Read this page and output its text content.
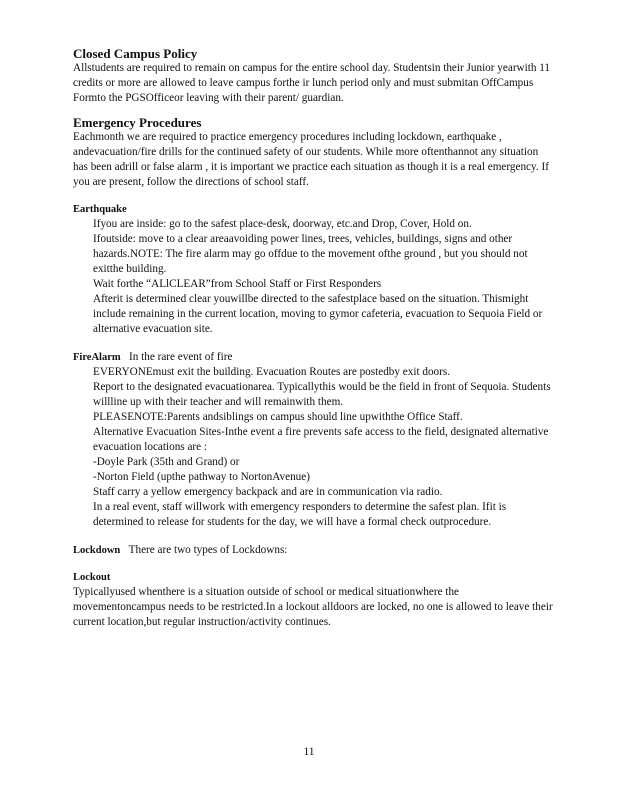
Closed Campus Policy

Allstudents are required to remain on campus for the entire school day. Studentsin their Junior yearwith 11 credits or more are allowed to leave campus forthe ir lunch period only and must submitan OffCampus Formto the PGSOfficeor leaving with their parent/ guardian.

Emergency Procedures

Eachmonth we are required to practice emergency procedures including lockdown, earthquake , andevacuation/fire drills for the continued safety of our students. While more oftenthannot any situation has been adrill or false alarm , it is important we practice each situation as though it is a real emergency. If you are present, follow the directions of school staff.

Earthquake

Ifyou are inside: go to the safest place-desk, doorway, etc.and Drop, Cover, Hold on.
Ifoutside: move to a clear areaavoiding power lines, trees, vehicles, buildings, signs and other hazards.NOTE: The fire alarm may go offdue to the movement ofthe ground , but you should not exitthe building.
Wait forthe “ALlCLEAR”from School Staff or First Responders
Afterit is determined clear youwillbe directed to the safestplace based on the situation. Thismight include remaining in the current location, moving to gymor cafeteria, evacuation to Sequoia Field or alternative evacuation site.

FireAlarm In the rare event of fire

EVERYONEmust exit the building. Evacuation Routes are postedby exit doors.
Report to the designated evacuationarea. Typicallythis would be the field in front of Sequoia. Students willline up with their teacher and will remainwith them.
PLEASENOTE:Parents andsiblings on campus should line upwiththe Office Staff.
Alternative Evacuation Sites-Inthe event a fire prevents safe access to the field, designated alternative evacuation locations are :
-Doyle Park (35th and Grand) or
-Norton Field (upthe pathway to NortonAvenue)
Staff carry a yellow emergency backpack and are in communication via radio.
In a real event, staff willwork with emergency responders to determine the safest plan. Ifit is determined to release for students for the day, we will have a formal check outprocedure.

Lockdown There are two types of Lockdowns:

Lockout

Typicallyused whenthere is a situation outside of school or medical situationwhere the movementoncampus needs to be restricted.In a lockout alldoors are locked, no one is allowed to leave their current location,but regular instruction/activity continues.

11
